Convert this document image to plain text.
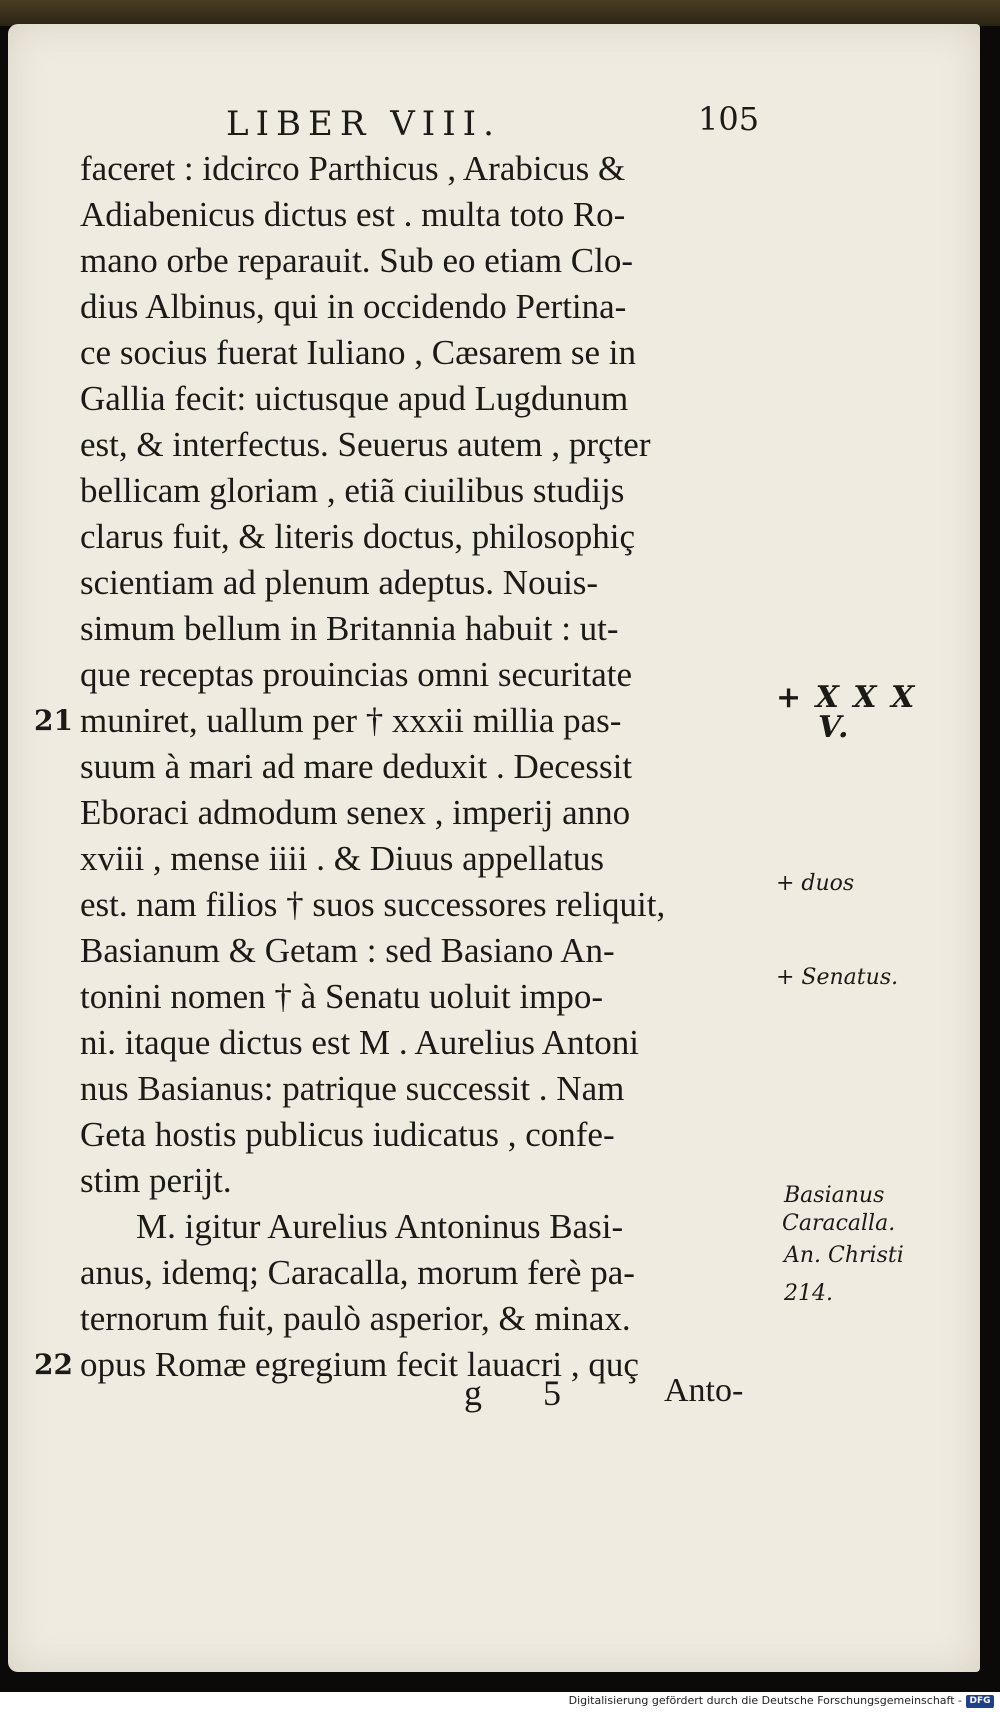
LIBER VIII.	105
faceret : idcirco Parthicus , Arabicus &
Adiabenicus dictus est . multa toto Ro-
mano orbe reparauit. Sub eo etiam Clo-
dius Albinus, qui in occidendo Pertina-
ce socius fuerat Iuliano , Cæsarem se in
Gallia fecit: uictusque apud Lugdunum
est, & interfectus. Seuerus autem , prçter
bellicam gloriam , etiã ciuilibus studijs
clarus fuit, & literis doctus, philosophiç
scientiam ad plenum adeptus. Nouis-
simum bellum in Britannia habuit : ut-
que receptas prouincias omni securitate
muniret, uallum per † xxxii millia pas-
suum à mari ad mare deduxit . Decessit
Eboraci admodum senex , imperij anno
xviii , mense iiii . & Diuus appellatus
est. nam filios † suos successores reliquit,
Basianum & Getam : sed Basiano An-
tonini nomen † à Senatu uoluit impo-
ni. itaque dictus est M . Aurelius Antoni
nus Basianus: patrique successit . Nam
Geta hostis publicus iudicatus , confe-
stim perijt.
M. igitur Aurelius Antoninus Basi-
anus, idemq; Caracalla, morum ferè pa-
ternorum fuit, paulò asperior, & minax.
opus Romæ egregium fecit lauacri , quç
21
22
+ X X X
V.
+ duos
+ Senatus.
Basianus
Caracalla.
An. Christi
214.
g 5 Anto-
Digitalisierung gefördert durch die Deutsche Forschungsgemeinschaft - DFG
